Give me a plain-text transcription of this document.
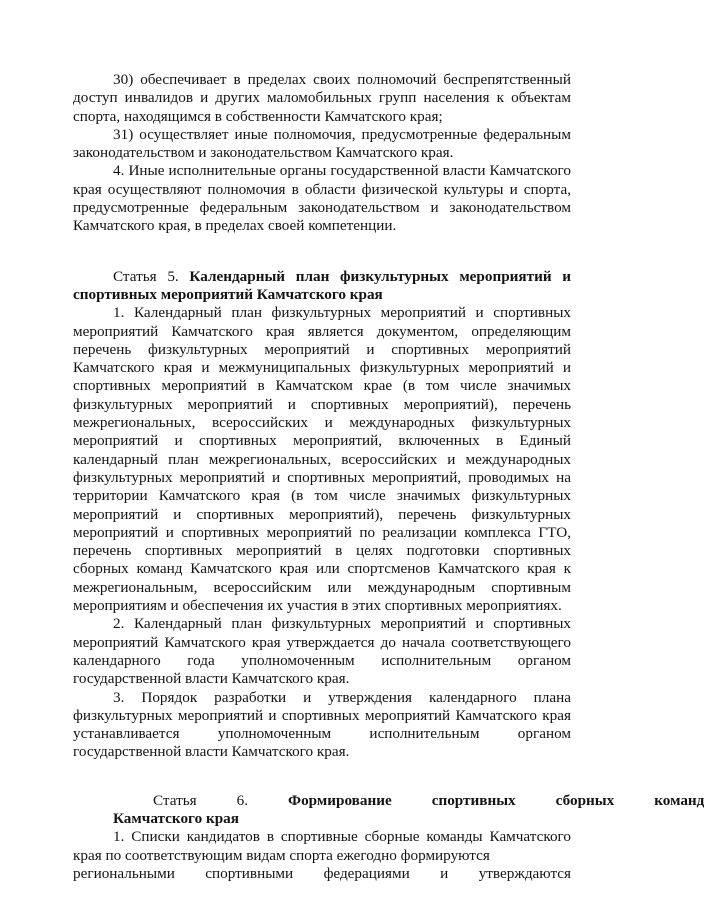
30) обеспечивает в пределах своих полномочий беспрепятственный доступ инвалидов и других маломобильных групп населения к объектам спорта, находящимся в собственности Камчатского края;

31) осуществляет иные полномочия, предусмотренные федеральным законодательством и законодательством Камчатского края.

4. Иные исполнительные органы государственной власти Камчатского края осуществляют полномочия в области физической культуры и спорта, предусмотренные федеральным законодательством и законодательством Камчатского края, в пределах своей компетенции.

Статья 5. Календарный план физкультурных мероприятий и спортивных мероприятий Камчатского края

1. Календарный план физкультурных мероприятий и спортивных мероприятий Камчатского края является документом, определяющим перечень физкультурных мероприятий и спортивных мероприятий Камчатского края и межмуниципальных физкультурных мероприятий и спортивных мероприятий в Камчатском крае (в том числе значимых физкультурных мероприятий и спортивных мероприятий), перечень межрегиональных, всероссийских и международных физкультурных мероприятий и спортивных мероприятий, включенных в Единый календарный план межрегиональных, всероссийских и международных физкультурных мероприятий и спортивных мероприятий, проводимых на территории Камчатского края (в том числе значимых физкультурных мероприятий и спортивных мероприятий), перечень физкультурных мероприятий и спортивных мероприятий по реализации комплекса ГТО, перечень спортивных мероприятий в целях подготовки спортивных сборных команд Камчатского края или спортсменов Камчатского края к межрегиональным, всероссийским или международным спортивным мероприятиям и обеспечения их участия в этих спортивных мероприятиях.

2. Календарный план физкультурных мероприятий и спортивных мероприятий Камчатского края утверждается до начала соответствующего календарного года уполномоченным исполнительным органом государственной власти Камчатского края.

3. Порядок разработки и утверждения календарного плана физкультурных мероприятий и спортивных мероприятий Камчатского края устанавливается уполномоченным исполнительным органом государственной власти Камчатского края.

Статья	6.	Формирование	спортивных	сборных	команд
Камчатского края

1. Списки кандидатов в спортивные сборные команды Камчатского края по соответствующим видам спорта ежегодно формируются

региональными спортивными федерациями и утверждаются
